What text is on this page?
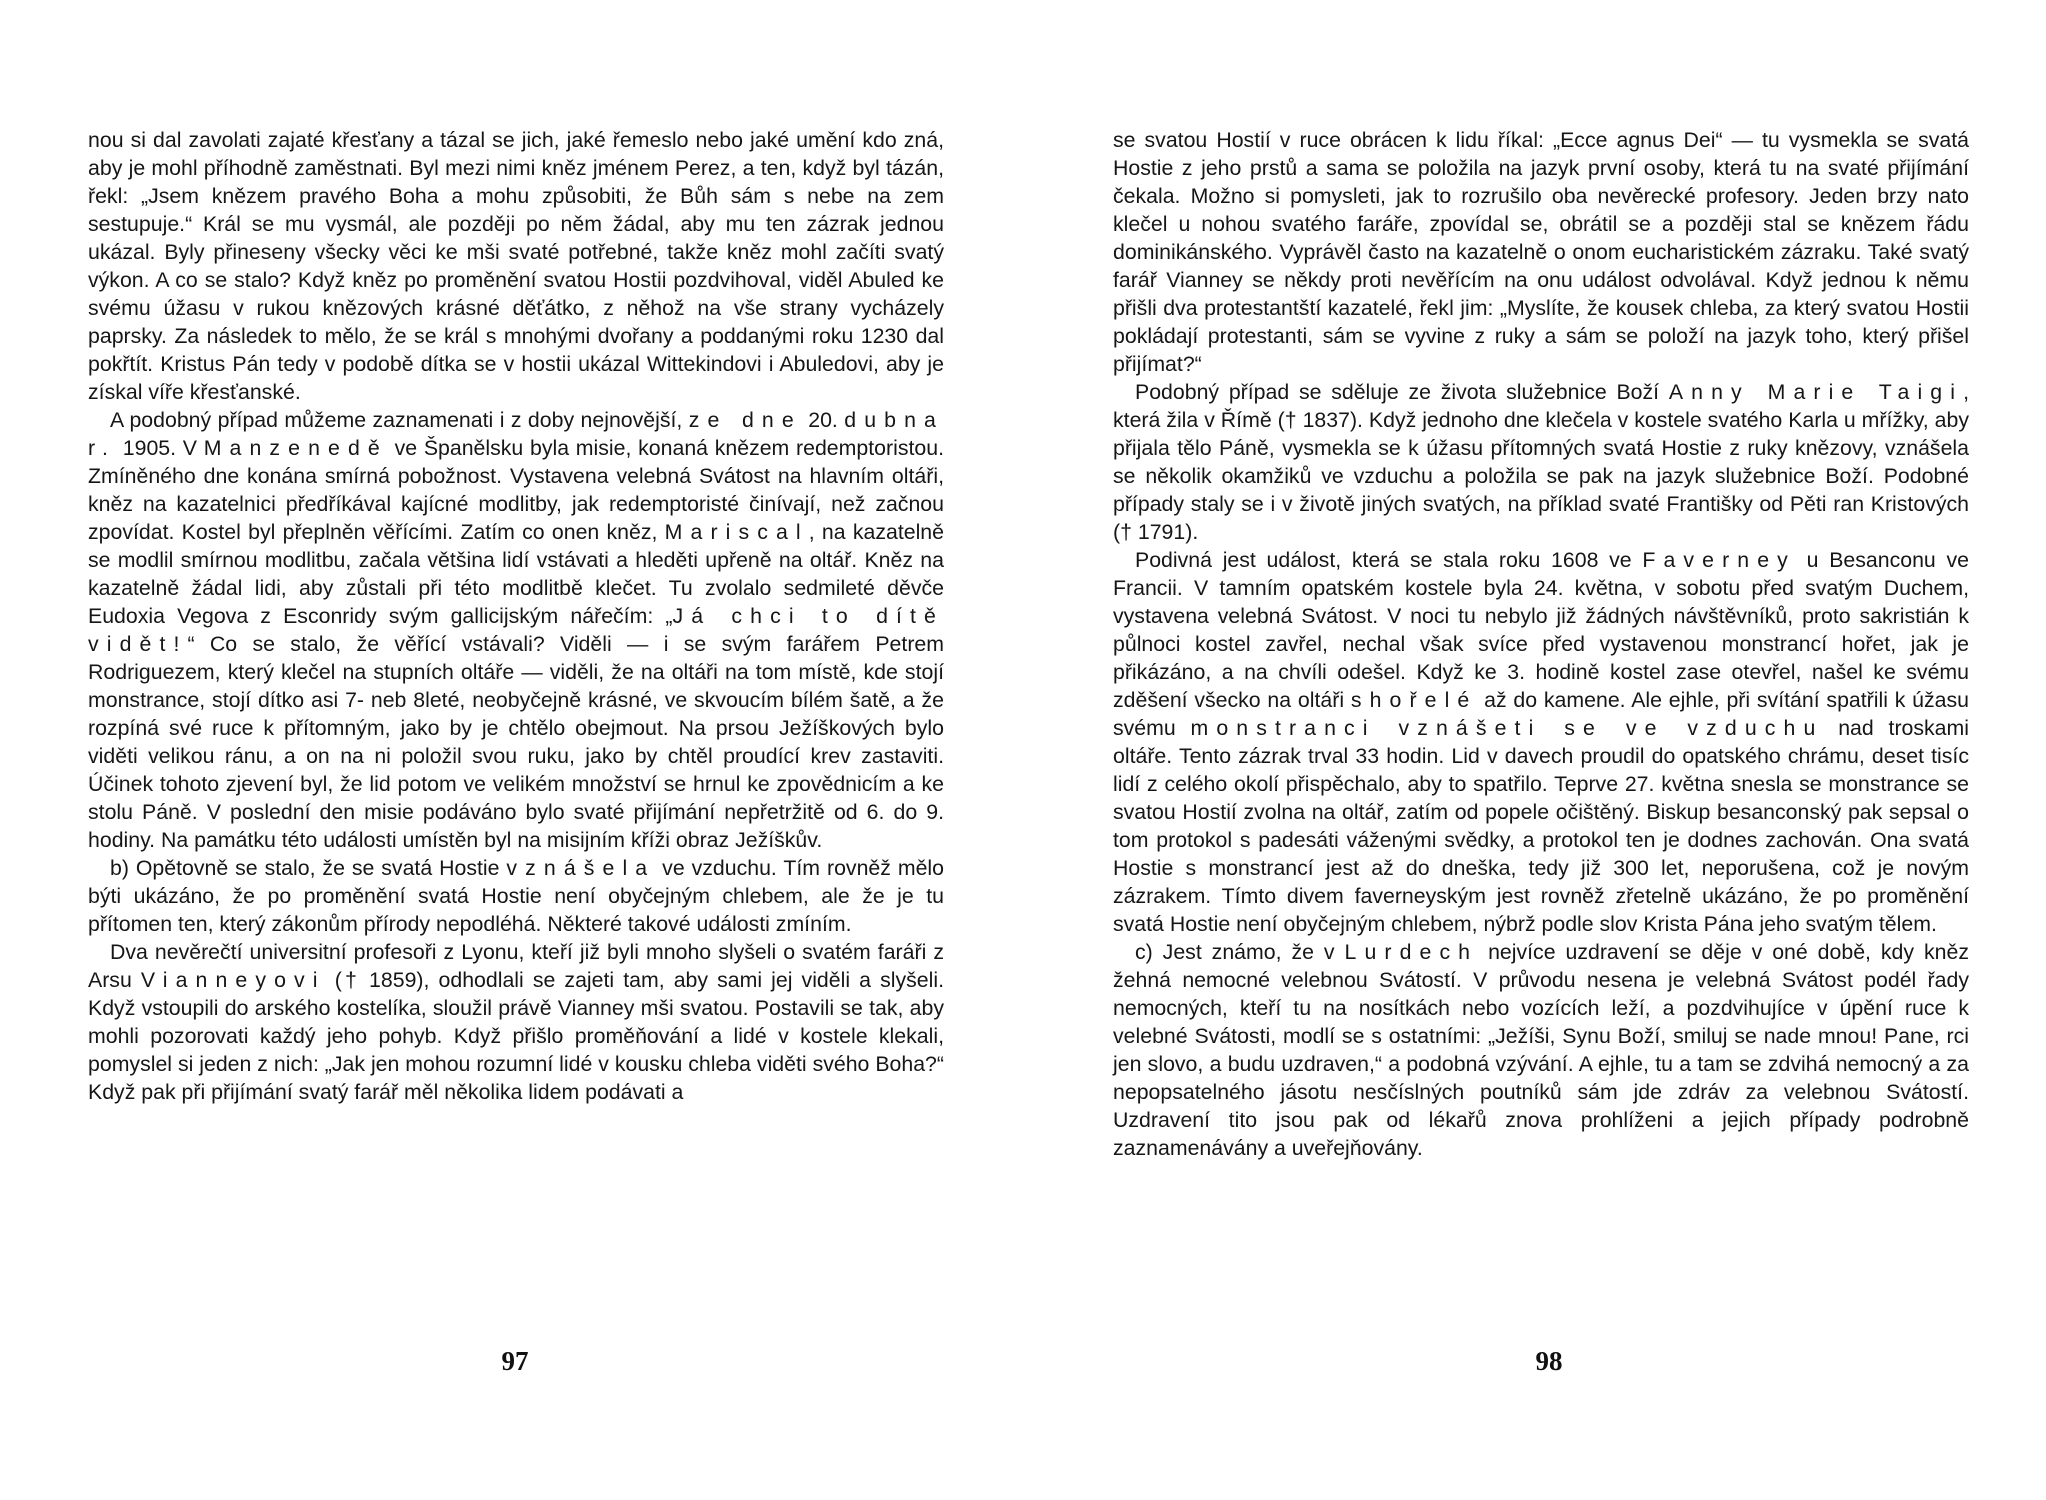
nou si dal zavolati zajaté křesťany a tázal se jich, jaké řemeslo nebo jaké umění kdo zná, aby je mohl příhodně zaměstnati. Byl mezi nimi kněz jménem Perez, a ten, když byl tázán, řekl: „Jsem knězem pravého Boha a mohu způsobiti, že Bůh sám s nebe na zem sestupuje.“ Král se mu vysmál, ale později po něm žádal, aby mu ten zázrak jednou ukázal. Byly přineseny všecky věci ke mši svaté potřebné, takže kněz mohl začíti svatý výkon. A co se stalo? Když kněz po proměnění svatou Hostii pozdvihoval, viděl Abuled ke svému úžasu v rukou knězových krásné děťátko, z něhož na vše strany vycházely paprsky. Za následek to mělo, že se král s mnohými dvořany a poddanými roku 1230 dal pokřtít. Kristus Pán tedy v podobě dítka se v hostii ukázal Wittekindovi i Abuledovi, aby je získal víře křesťanské.

A podobný případ můžeme zaznamenati i z doby nejnovější, ze dne 20. dubna r. 1905. V Manzenedě ve Španělsku byla misie, konaná knězem redemptoristou. Zmíněného dne konána smírná pobožnost. Vystavena velebná Svátost na hlavním oltáři, kněz na kazatelnici předříkával kajícné modlitby, jak redemptoristé činívají, než začnou zpovídat. Kostel byl přeplněn věřícími. Zatím co onen kněz, Mariscal, na kazatelně se modlil smírnou modlitbu, začala většina lidí vstávati a hleděti upřeně na oltář. Kněz na kazatelně žádal lidi, aby zůstali při této modlitbě klečet. Tu zvolalo sedmileté děvče Eudoxia Vegova z Esconridy svým gallicijským nářečím: „Já chci to dítě vidět!“ Co se stalo, že věřící vstávali? Viděli — i se svým farářem Petrem Rodriguezem, který klečel na stupních oltáře — viděli, že na oltáři na tom místě, kde stojí monstrance, stojí dítko asi 7- neb 8leté, neobyčejně krásné, ve skvoucím bílém šatě, a že rozpíná své ruce k přítomným, jako by je chtělo obejmout. Na prsou Ježíškových bylo viděti velikou ránu, a on na ni položil svou ruku, jako by chtěl proudící krev zastaviti. Účinek tohoto zjevení byl, že lid potom ve velikém množství se hrnul ke zpovědnicím a ke stolu Páně. V poslední den misie podáváno bylo svaté přijímání nepřetržitě od 6. do 9. hodiny. Na památku této události umístěn byl na misijním kříži obraz Ježíškův.

b) Opětovně se stalo, že se svatá Hostie vznášela ve vzduchu. Tím rovněž mělo býti ukázáno, že po proměnění svatá Hostie není obyčejným chlebem, ale že je tu přítomen ten, který zákonům přírody nepodléhá. Některé takové události zmíním.

Dva nevěrečtí universitní profesoři z Lyonu, kteří již byli mnoho slyšeli o svatém faráři z Arsu Vianneyovi († 1859), odhodlali se zajeti tam, aby sami jej viděli a slyšeli. Když vstoupili do arského kostelíka, sloužil právě Vianney mši svatou. Postavili se tak, aby mohli pozorovati každý jeho pohyb. Když přišlo proměňování a lidé v kostele klekali, pomyslel si jeden z nich: „Jak jen mohou rozumní lidé v kousku chleba viděti svého Boha?“ Když pak při přijímání svatý farář měl několika lidem podávati a

97

se svatou Hostií v ruce obrácen k lidu říkal: „Ecce agnus Dei“ — tu vysmekla se svatá Hostie z jeho prstů a sama se položila na jazyk první osoby, která tu na svaté přijímání čekala. Možno si pomysleti, jak to rozrušilo oba nevěrecké profesory. Jeden brzy nato klečel u nohou svatého faráře, zpovídal se, obrátil se a později stal se knězem řádu dominikánského. Vyprávěl často na kazatelně o onom eucharistickém zázraku. Také svatý farář Vianney se někdy proti nevěřícím na onu událost odvolával. Když jednou k němu přišli dva protestantští kazatelé, řekl jim: „Myslíte, že kousek chleba, za který svatou Hostii pokládají protestanti, sám se vyvine z ruky a sám se položí na jazyk toho, který přišel přijímat?“

Podobný případ se sděluje ze života služebnice Boží Anny Marie Taigi, která žila v Římě († 1837). Když jednoho dne klečela v kostele svatého Karla u mřížky, aby přijala tělo Páně, vysmekla se k úžasu přítomných svatá Hostie z ruky knězovy, vznášela se několik okamžiků ve vzduchu a položila se pak na jazyk služebnice Boží. Podobné případy staly se i v životě jiných svatých, na příklad svaté Františky od Pěti ran Kristových († 1791).

Podivná jest událost, která se stala roku 1608 ve Faverney u Besanconu ve Francii. V tamním opatském kostele byla 24. května, v sobotu před svatým Duchem, vystavena velebná Svátost. V noci tu nebylo již žádných návštěvníků, proto sakristián k půlnoci kostel zavřel, nechal však svíce před vystavenou monstrancí hořet, jak je přikázáno, a na chvíli odešel. Když ke 3. hodině kostel zase otevřel, našel ke svému zděšení všecko na oltáři shořelé až do kamene. Ale ejhle, při svítání spatřili k úžasu svému monstranci vznášeti se ve vzduchu nad troskami oltáře. Tento zázrak trval 33 hodin. Lid v davech proudil do opatského chrámu, deset tisíc lidí z celého okolí přispěchalo, aby to spatřilo. Teprve 27. května snesla se monstrance se svatou Hostií zvolna na oltář, zatím od popele očištěný. Biskup besanconský pak sepsal o tom protokol s padesáti váženými svědky, a protokol ten je dodnes zachován. Ona svatá Hostie s monstrancí jest až do dneška, tedy již 300 let, neporušena, což je novým zázrakem. Tímto divem faverneyským jest rovněž zřetelně ukázáno, že po proměnění svatá Hostie není obyčejným chlebem, nýbrž podle slov Krista Pána jeho svatým tělem.

c) Jest známo, že v Lurdech nejvíce uzdravení se děje v oné době, kdy kněz žehná nemocné velebnou Svátostí. V průvodu nesena je velebná Svátost podél řady nemocných, kteří tu na nosítkách nebo vozících leží, a pozdvihujíce v úpění ruce k velebné Svátosti, modlí se s ostatními: „Ježíši, Synu Boží, smiluj se nade mnou! Pane, rci jen slovo, a budu uzdraven,“ a podobná vzývání. A ejhle, tu a tam se zdvihá nemocný a za nepopsatelného jásotu nesčíslných poutníků sám jde zdráv za velebnou Svátostí. Uzdravení tito jsou pak od lékařů znova prohlíženi a jejich případy podrobně zaznamenávány a uveřejňovány.

98
